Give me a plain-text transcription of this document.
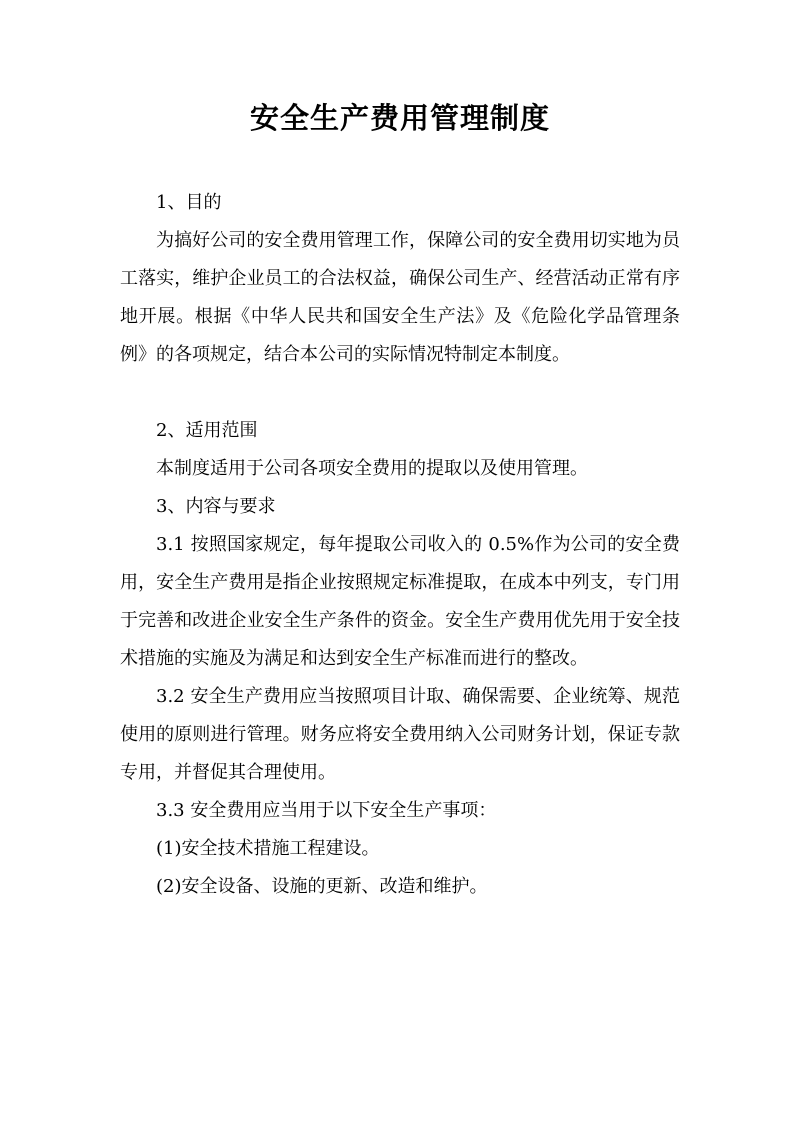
安全生产费用管理制度

1、目的

为搞好公司的安全费用管理工作，保障公司的安全费用切实地为员工落实，维护企业员工的合法权益，确保公司生产、经营活动正常有序地开展。根据《中华人民共和国安全生产法》及《危险化学品管理条例》的各项规定，结合本公司的实际情况特制定本制度。

2、适用范围

本制度适用于公司各项安全费用的提取以及使用管理。

3、内容与要求

3.1 按照国家规定，每年提取公司收入的 0.5%作为公司的安全费用，安全生产费用是指企业按照规定标准提取，在成本中列支，专门用于完善和改进企业安全生产条件的资金。安全生产费用优先用于安全技术措施的实施及为满足和达到安全生产标准而进行的整改。

3.2 安全生产费用应当按照项目计取、确保需要、企业统筹、规范使用的原则进行管理。财务应将安全费用纳入公司财务计划，保证专款专用，并督促其合理使用。

3.3 安全费用应当用于以下安全生产事项：

(1)安全技术措施工程建设。

(2)安全设备、设施的更新、改造和维护。
